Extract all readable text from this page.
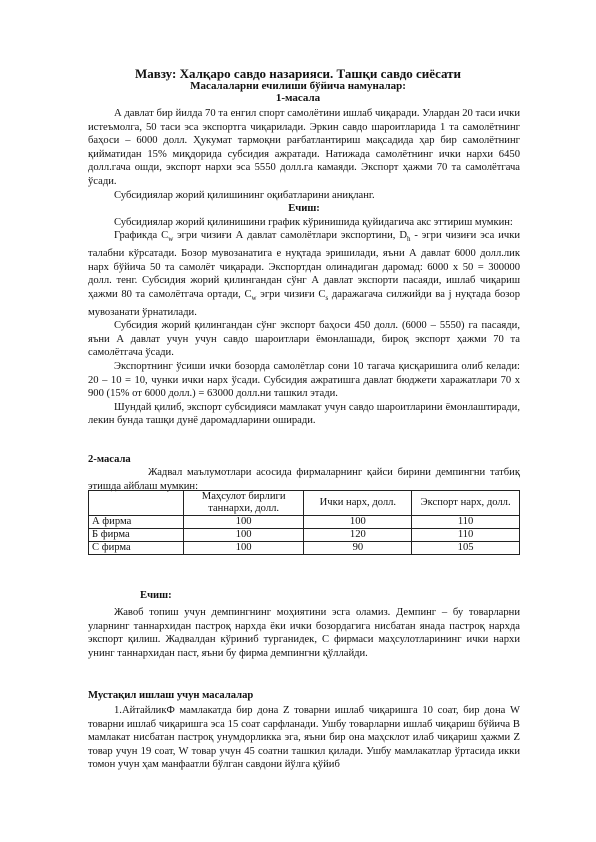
Мавзу: Халқаро савдо назарияси. Ташқи савдо сиёсати
Масалаларни ечилиши бўйича намуналар:
1-масала

А давлат бир йилда 70 та енгил спорт самолётини ишлаб чиқаради. Улардан 20 таси ички истеъмолга, 50 таси эса экспортга чиқарилади. Эркин савдо шароитларида 1 та самолётнинг баҳоси – 6000 долл. Ҳукумат тармоқни рағбатлантириш мақсадида ҳар бир самолётнинг қийматидан 15% миқдорида субсидия ажратади. Натижада самолётнинг ички нархи 6450 долл.гача ошди, экспорт нархи эса 5550 долл.га камаяди. Экспорт ҳажми 70 та самолётгача ўсади.

Субсидиялар жорий қилишининг оқибатларини аниқланг.

Ечиш:

Субсидиялар жорий қилинишини график кўринишида қуйидагича акс эттириш мумкин:

Графикда $С_w$ эгри чизиғи А давлат самолётлари экспортини, $D_h$ - эгри чизиғи эса ички талабни кўрсатади. Бозор мувозанатига e нуқтада эришилади, яъни А давлат 6000 долл.лик нарх бўйича 50 та самолёт чиқаради. Экспортдан олинадиган даромад: 6000 х 50 = 300000 долл. тенг. Субсидия жорий қилингандан сўнг А давлат экспорти пасаяди, ишлаб чиқариш ҳажми 80 та самолётгача ортади, $С_w$ эгри чизиғи $С_s$ даражагача силжийди ва j нуқтада бозор мувозанати ўрнатилади.

Субсидия жорий қилингандан сўнг экспорт баҳоси 450 долл. (6000 – 5550) га пасаяди, яъни А давлат учун учун савдо шароитлари ёмонлашади, бироқ экспорт ҳажми 70 та самолётгача ўсади.

Экспортнинг ўсиши ички бозорда самолётлар сони 10 тагача қисқаришига олиб келади: 20 – 10 = 10, чунки ички нарх ўсади. Субсидия ажратишга давлат бюджети харажатлари 70 х 900 (15% от 6000 долл.) = 63000 долл.ни ташкил этади.

Шундай қилиб, экспорт субсидияси мамлакат учун савдо шароитларини ёмонлаштиради, лекин бунда ташқи дунё даромадларини оширади.

2-масала
Жадвал маълумотлари асосида фирмаларнинг қайси бирини демпингни татбиқ этишда айблаш мумкин:
	Маҳсулот бирлиги таннархи, долл.	Ички нарх, долл.	Экспорт нарх, долл.
А фирма	100	100	110
Б фирма	100	120	110
С фирма	100	90	105
Ечиш:
Жавоб топиш учун демпингнинг моҳиятини эсга оламиз. Демпинг – бу товарларни уларнинг таннархидан пастроқ нархда ёки ички бозордагига нисбатан янада пастроқ нархда экспорт қилиш. Жадвалдан кўриниб турганидек, С фирмаси маҳсулотларининг ички нархи унинг таннархидан паст, яъни бу фирма демпингни қўллайди.
Мустақил ишлаш учун масалалар
1.АйтайликФ мамлакатда бир дона Z товарни ишлаб чиқаришга 10 соат, бир дона W товарни ишлаб чиқаришга эса 15 соат сарфланади. Ушбу товарларни ишлаб чиқариш бўйича В мамлакат нисбатан пастроқ унумдорликка эга, яъни бир она маҳсклот илаб чиқариш ҳажми Z товар учун 19 соат, W товар учун 45 соатни ташкил қилади. Ушбу мамлакатлар ўртасида икки томон учун ҳам манфаатли бўлган савдони йўлга қўйиб
